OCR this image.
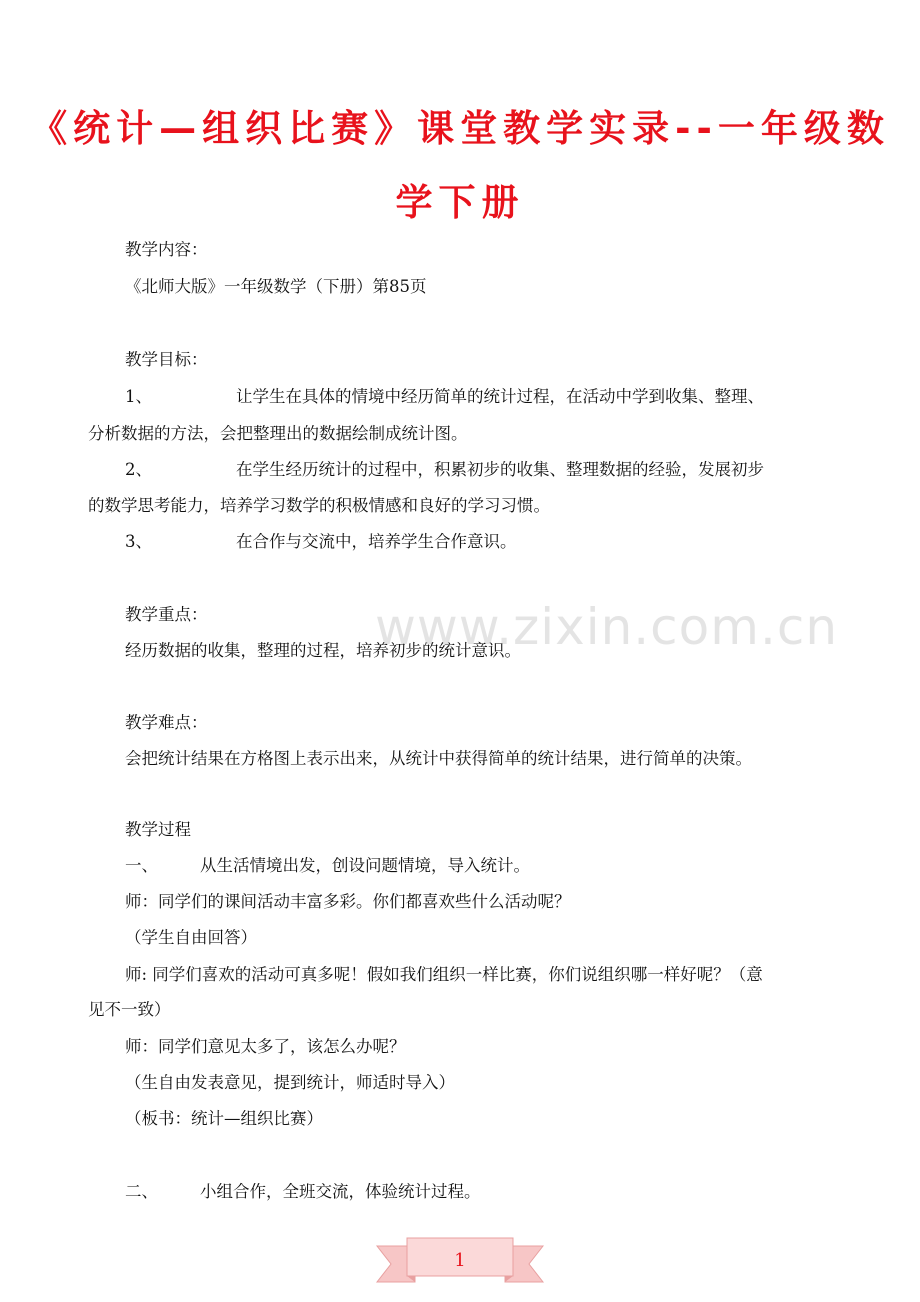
《统计—组织比赛》课堂教学实录--一年级数
学下册
教学内容：
《北师大版》一年级数学（下册）第85页
教学目标：
1、	让学生在具体的情境中经历简单的统计过程，在活动中学到收集、整理、
分析数据的方法，会把整理出的数据绘制成统计图。
2、	在学生经历统计的过程中，积累初步的收集、整理数据的经验，发展初步
的数学思考能力，培养学习数学的积极情感和良好的学习习惯。
3、	在合作与交流中，培养学生合作意识。
教学重点：
经历数据的收集，整理的过程，培养初步的统计意识。
教学难点：
会把统计结果在方格图上表示出来，从统计中获得简单的统计结果，进行简单的决策。
教学过程
一、	从生活情境出发，创设问题情境，导入统计。
师：同学们的课间活动丰富多彩。你们都喜欢些什么活动呢？
（学生自由回答）
师: 同学们喜欢的活动可真多呢！假如我们组织一样比赛，你们说组织哪一样好呢？（意
见不一致）
师：同学们意见太多了，该怎么办呢？
（生自由发表意见，提到统计，师适时导入）
（板书：统计—组织比赛）
二、	小组合作，全班交流，体验统计过程。
www.zixin.com.cn
1
